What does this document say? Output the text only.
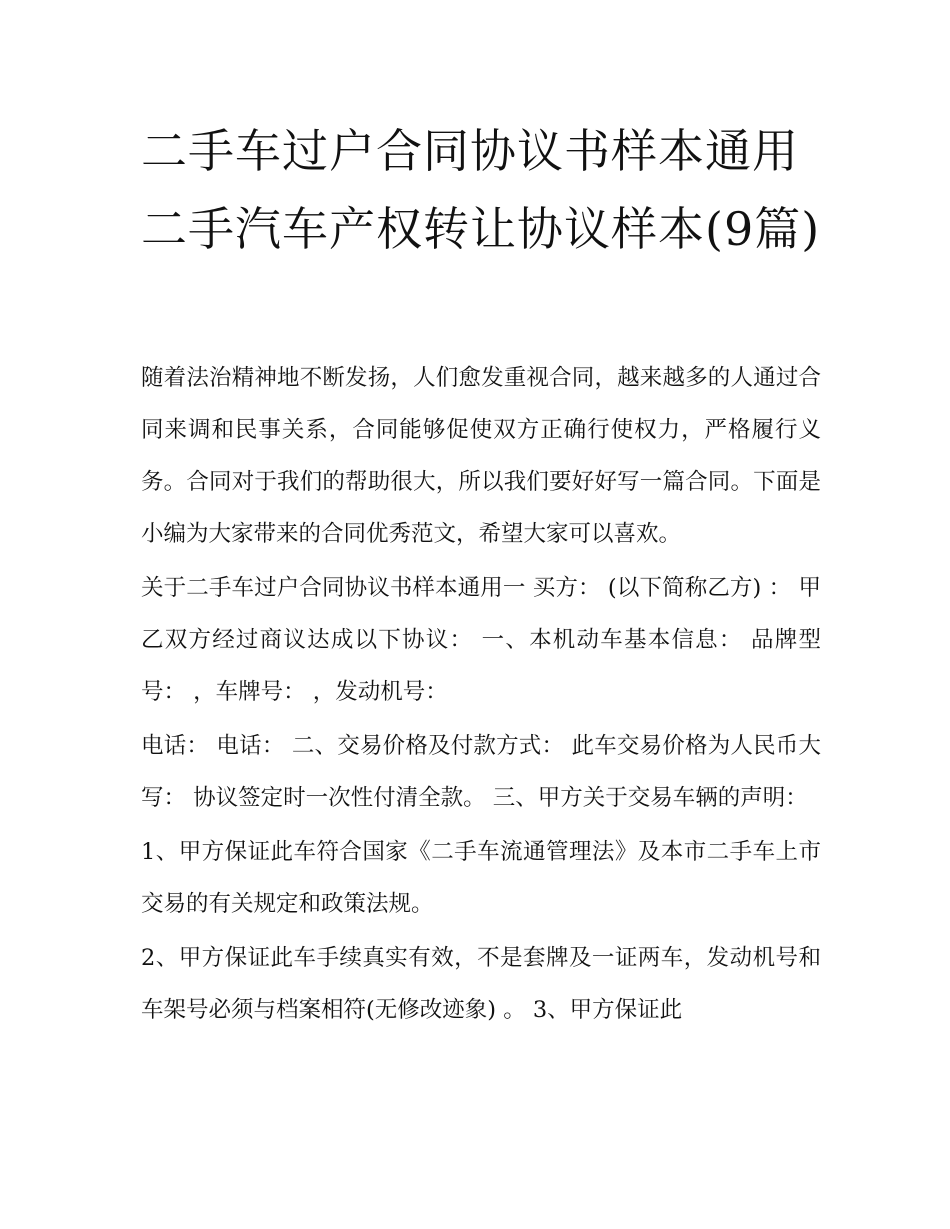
二手车过户合同协议书样本通用 二手汽车产权转让协议样本(9篇)

随着法治精神地不断发扬，人们愈发重视合同，越来越多的人通过合同来调和民事关系，合同能够促使双方正确行使权力，严格履行义务。合同对于我们的帮助很大，所以我们要好好写一篇合同。下面是小编为大家带来的合同优秀范文，希望大家可以喜欢。

关于二手车过户合同协议书样本通用一 买方： (以下简称乙方) ： 甲乙双方经过商议达成以下协议： 一、本机动车基本信息： 品牌型号： ，车牌号： ，发动机号：

电话： 电话： 二、交易价格及付款方式： 此车交易价格为人民币大写： 协议签定时一次性付清全款。 三、甲方关于交易车辆的声明：

1、甲方保证此车符合国家《二手车流通管理法》及本市二手车上市交易的有关规定和政策法规。

2、甲方保证此车手续真实有效，不是套牌及一证两车，发动机号和车架号必须与档案相符(无修改迹象) 。 3、甲方保证此
